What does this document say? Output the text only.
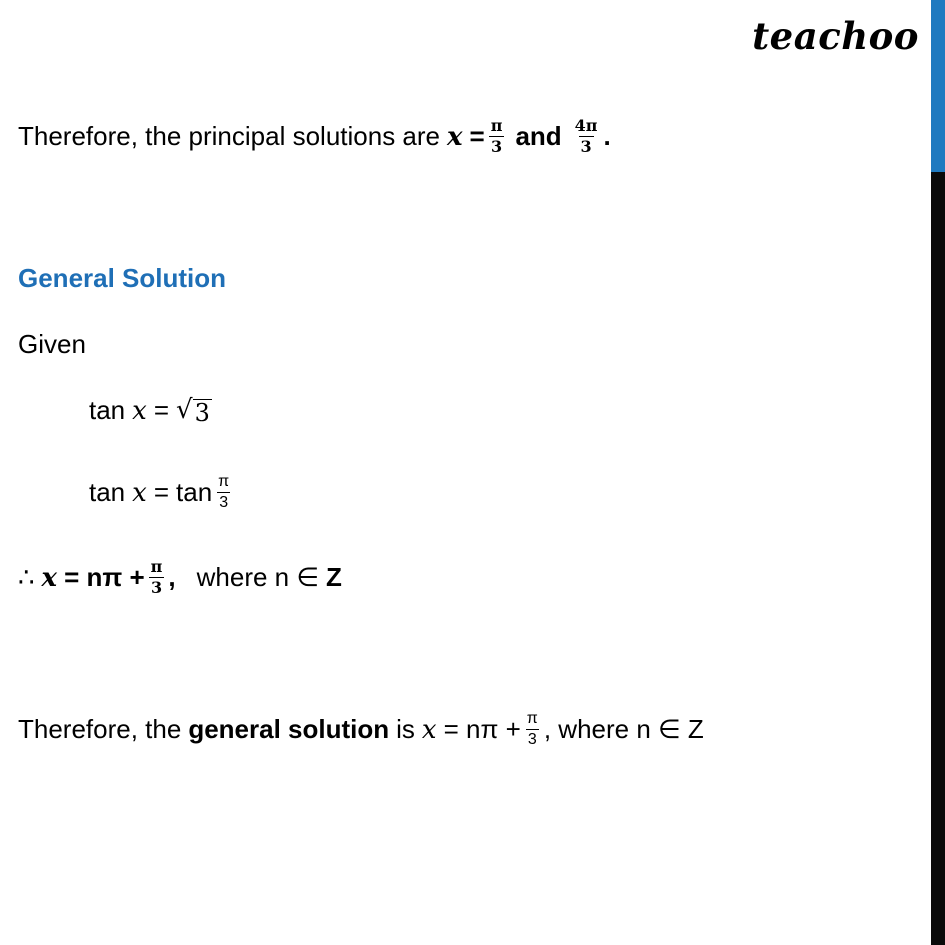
teachoo
Therefore, the principal solutions are 𝒙 = $\frac{\pi}{3}$ and $\frac{4\pi}{3}$ .
General Solution
Given
tan 𝑥 = √ 3
tan 𝑥 = $\tan \frac{\pi}{3}$
∴ 𝒙 = $n\pi + \frac{\pi}{3}$ , where n ∈ Z
Therefore, the general solution is 𝑥 = $n\pi + \frac{\pi}{3}$ , where n ∈ Z
